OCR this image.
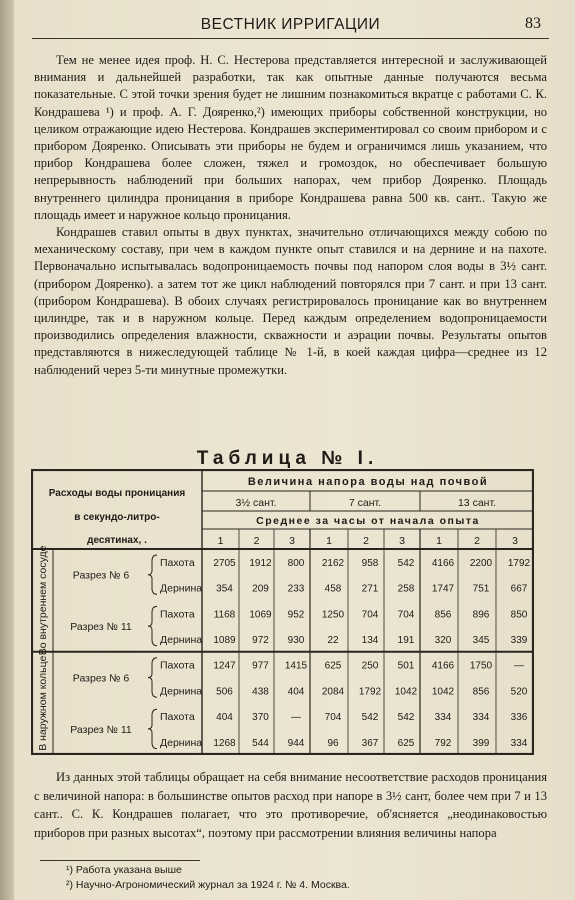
ВЕСТНИК ИРРИГАЦИИ	83

Тем не менее идея проф. Н. С. Нестерова представляется интересной и заслуживающей внимания и дальнейшей разработки, так как опытные данные получаются весьма показательные. С этой точки зрения будет не лишним познакомиться вкратце с работами С. К. Кондрашева ¹) и проф. А. Г. Дояренко,²) имеющих приборы собственной конструкции, но целиком отражающие идею Нестерова. Кондрашев экспериментировал со своим прибором и с прибором Дояренко. Описывать эти приборы не будем и ограничимся лишь указанием, что прибор Кондрашева более сложен, тяжел и громоздок, но обеспечивает большую непрерывность наблюдений при больших напорах, чем прибор Дояренко. Площадь внутреннего цилиндра проницания в приборе Кондрашева равна 500 кв. сант.. Такую же площадь имеет и наружное кольцо проницания.

Кондрашев ставил опыты в двух пунктах, значительно отличающихся между собою по механическому составу, при чем в каждом пункте опыт ставился и на дернине и на пахоте. Первоначально испытывалась водопроницаемость почвы под напором слоя воды в 3½ сант. (прибором Дояренко). а затем тот же цикл наблюдений повторялся при 7 сант. и при 13 сант. (прибором Кондрашева). В обоих случаях регистрировалось проницание как во внутреннем цилиндре, так и в наружном кольце. Перед каждым определением водопроницаемости производились определения влажности, скважности и аэрации почвы. Результаты опытов представляются в нижеследующей таблице № 1-й, в коей каждая цифра—среднее из 12 наблюдений через 5-ти минутные промежутки.

Таблица № I.
Расходы воды проницания
в секундо-литро-
десятинах, .
Величина напора воды над почвой
3½ сант.	7 сант.	13 сант.
Среднее за часы от начала опыта
1	2	3	1	2	3	1	2	3
Пахота 2705 1912 800 2162 958 542 4166 2200 1792
Дернина 354 209 233 458 271 258 1747 751 667
Разрез № 6
Пахота 1168 1069 952 1250 704 704 856 896 850
Дернина 1089 972 930 22 134 191 320 345 339
Разрез № 11
Во внутреннем сосуде
Пахота 1247 977 1415 625 250 501 4166 1750 —
Дернина 506 438 404 2084 1792 1042 1042 856 520
Разрез № 6
Пахота 404 370 — 704 542 542 334 334 336
Дернина 1268 544 944 96 367 625 792 399 334
Разрез № 11
В наружном кольце

Из данных этой таблицы обращает на себя внимание несоответствие расходов проницания с величиной напора: в большинстве опытов расход при напоре в 3½ сант, более чем при 7 и 13 сант.. С. К. Кондрашев полагает, что это противоречие, об'ясняется „неодинаковостью приборов при разных высотах“, поэтому при рассмотрении влияния величины напора

¹) Работа указана выше
²) Научно-Агрономический журнал за 1924 г. № 4. Москва.
